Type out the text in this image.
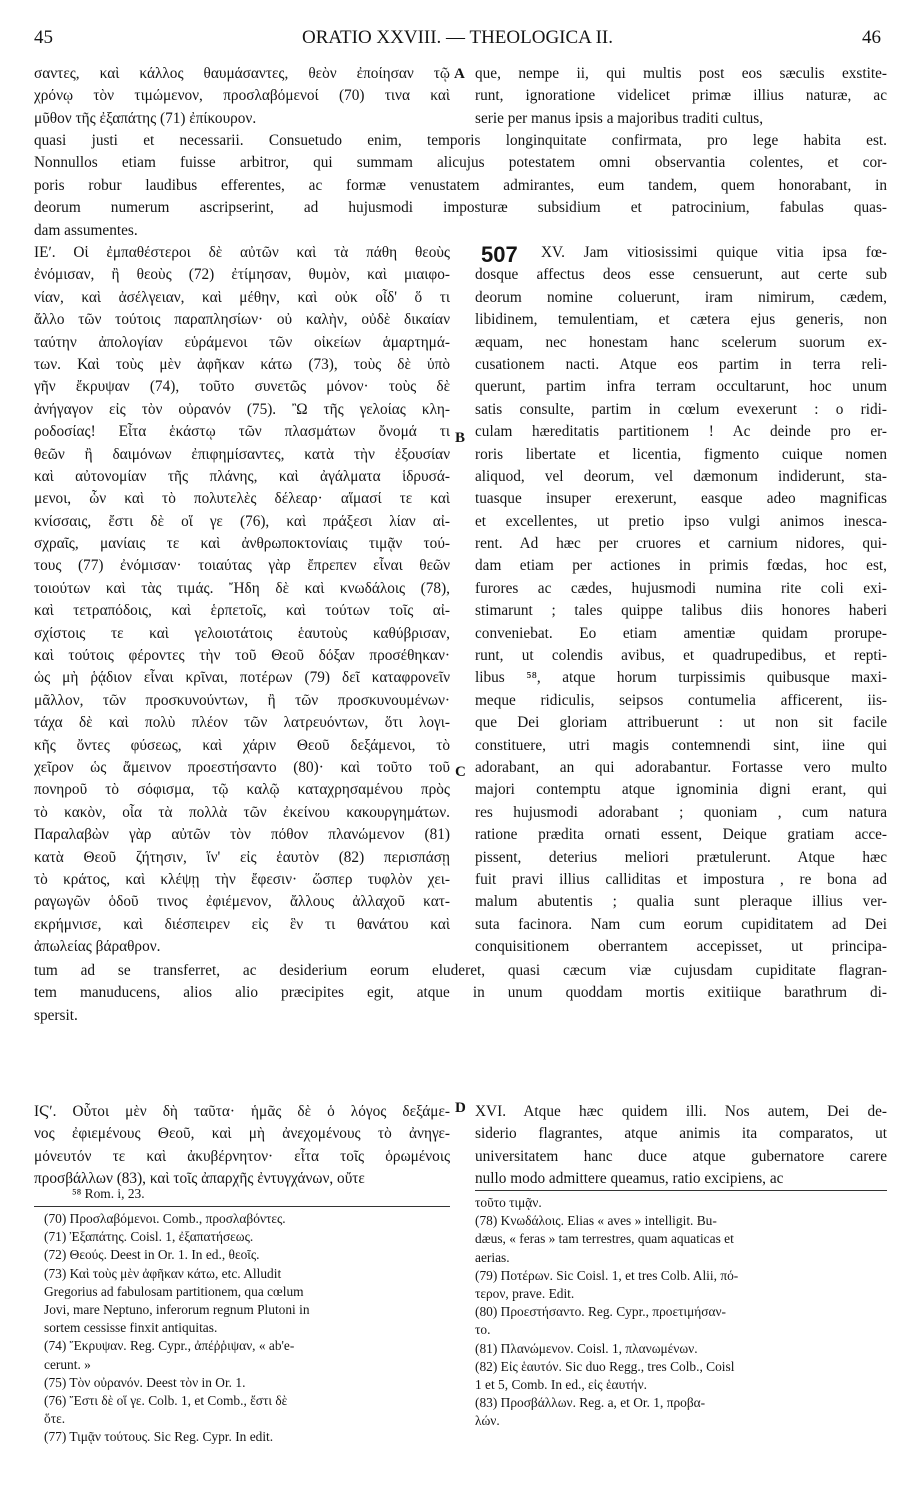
45	ORATIO XXVIII. — THEOLOGICA II.	46
A
B
C
D
σαντες, καὶ κάλλος θαυμάσαντες, θεὸν ἐποίησαν τῷ
χρόνῳ τὸν τιμώμενον, προσλαβόμενοί (70) τινα καὶ
μῦθον τῆς ἐξαπάτης (71) ἐπίκουρον.
que, nempe ii, qui multis post eos sæculis exstite-
runt, ignoratione videlicet primæ illius naturæ, ac
serie per manus ipsis a majoribus traditi cultus,
quasi justi et necessarii. Consuetudo enim, temporis longinquitate confirmata, pro lege habita est.
Nonnullos etiam fuisse arbitror, qui summam alicujus potestatem omni observantia colentes, et cor-
poris robur laudibus efferentes, ac formæ venustatem admirantes, eum tandem, quem honorabant, in
deorum numerum ascripserint, ad hujusmodi imposturæ subsidium et patrocinium, fabulas quas-
dam assumentes.
ΙΕʹ. Οἱ ἐμπαθέστεροι δὲ αὐτῶν καὶ τὰ πάθη θεοὺς
ἐνόμισαν, ἢ θεοὺς (72) ἐτίμησαν, θυμὸν, καὶ μιαιφο-
νίαν, καὶ ἀσέλγειαν, καὶ μέθην, καὶ οὐκ οἶδ' ὅ τι
ἄλλο τῶν τούτοις παραπλησίων· οὐ καλὴν, οὐδὲ δικαίαν
ταύτην ἀπολογίαν εὑράμενοι τῶν οἰκείων ἁμαρτημά-
των. Καὶ τοὺς μὲν ἀφῆκαν κάτω (73), τοὺς δὲ ὑπὸ
γῆν ἔκρυψαν (74), τοῦτο συνετῶς μόνον· τοὺς δὲ
ἀνήγαγον εἰς τὸν οὐρανόν (75). Ὢ τῆς γελοίας κλη-
ροδοσίας! Εἶτα ἑκάστῳ τῶν πλασμάτων ὄνομά τι
θεῶν ἢ δαιμόνων ἐπιφημίσαντες, κατὰ τὴν ἐξουσίαν
καὶ αὐτονομίαν τῆς πλάνης, καὶ ἀγάλματα ἱδρυσά-
μενοι, ὧν καὶ τὸ πολυτελὲς δέλεαρ· αἵμασί τε καὶ
κνίσσαις, ἔστι δὲ οἵ γε (76), καὶ πράξεσι λίαν αἰ-
σχραῖς, μανίαις τε καὶ ἀνθρωποκτονίαις τιμᾷν τού-
τους (77) ἐνόμισαν· τοιαύτας γὰρ ἔπρεπεν εἶναι θεῶν
τοιούτων καὶ τὰς τιμάς. Ἤδη δὲ καὶ κνωδάλοις (78),
καὶ τετραπόδοις, καὶ ἑρπετοῖς, καὶ τούτων τοῖς αἰ-
σχίστοις τε καὶ γελοιοτάτοις ἑαυτοὺς καθύβρισαν,
καὶ τούτοις φέροντες τὴν τοῦ Θεοῦ δόξαν προσέθηκαν·
ὡς μὴ ῥᾴδιον εἶναι κρῖναι, ποτέρων (79) δεῖ καταφρονεῖν
μᾶλλον, τῶν προσκυνούντων, ἢ τῶν προσκυνουμένων·
τάχα δὲ καὶ πολὺ πλέον τῶν λατρευόντων, ὅτι λογι-
κῆς ὄντες φύσεως, καὶ χάριν Θεοῦ δεξάμενοι, τὸ
χεῖρον ὡς ἄμεινον προεστήσαντο (80)· καὶ τοῦτο τοῦ
πονηροῦ τὸ σόφισμα, τῷ καλῷ καταχρησαμένου πρὸς
τὸ κακὸν, οἷα τὰ πολλὰ τῶν ἐκείνου κακουργημάτων.
Παραλαβὼν γὰρ αὐτῶν τὸν πόθον πλανώμενον (81)
κατὰ Θεοῦ ζήτησιν, ἵν' εἰς ἑαυτὸν (82) περισπάσῃ
τὸ κράτος, καὶ κλέψῃ τὴν ἔφεσιν· ὥσπερ τυφλὸν χει-
ραγωγῶν ὁδοῦ τινος ἐφιέμενον, ἄλλους ἀλλαχοῦ κατ-
εκρήμνισε, καὶ διέσπειρεν εἰς ἓν τι θανάτου καὶ
ἀπωλείας βάραθρον.
507 XV. Jam vitiosissimi quique vitia ipsa fœ-
dosque affectus deos esse censuerunt, aut certe sub
deorum nomine coluerunt, iram nimirum, cædem,
libidinem, temulentiam, et cætera ejus generis, non
æquam, nec honestam hanc scelerum suorum ex-
cusationem nacti. Atque eos partim in terra reli-
querunt, partim infra terram occultarunt, hoc unum
satis consulte, partim in cœlum evexerunt : o ridi-
culam hæreditatis partitionem ! Ac deinde pro er-
roris libertate et licentia, figmento cuique nomen
aliquod, vel deorum, vel dæmonum indiderunt, sta-
tuasque insuper erexerunt, easque adeo magnificas
et excellentes, ut pretio ipso vulgi animos inesca-
rent. Ad hæc per cruores et carnium nidores, qui-
dam etiam per actiones in primis fœdas, hoc est,
furores ac cædes, hujusmodi numina rite coli exi-
stimarunt ; tales quippe talibus diis honores haberi
conveniebat. Eo etiam amentiæ quidam prorupe-
runt, ut colendis avibus, et quadrupedibus, et repti-
libus ⁵⁸, atque horum turpissimis quibusque maxi-
meque ridiculis, seipsos contumelia afficerent, iis-
que Dei gloriam attribuerunt : ut non sit facile
constituere, utri magis contemnendi sint, iine qui
adorabant, an qui adorabantur. Fortasse vero multo
majori contemptu atque ignominia digni erant, qui
res hujusmodi adorabant ; quoniam , cum natura
ratione prædita ornati essent, Deique gratiam acce-
pissent, deterius meliori prætulerunt. Atque hæc
fuit pravi illius calliditas et impostura , re bona ad
malum abutentis ; qualia sunt pleraque illius ver-
suta facinora. Nam cum eorum cupiditatem ad Dei
conquisitionem oberrantem accepisset, ut principa-
tum ad se transferret, ac desiderium eorum eluderet, quasi cæcum viæ cujusdam cupiditate flagran-
tem manuducens, alios alio præcipites egit, atque in unum quoddam mortis exitiique barathrum di-
spersit.
ΙϚʹ. Οὗτοι μὲν δὴ ταῦτα· ἡμᾶς δὲ ὁ λόγος δεξάμε-
νος ἐφιεμένους Θεοῦ, καὶ μὴ ἀνεχομένους τὸ ἀνηγε-
μόνευτόν τε καὶ ἀκυβέρνητον· εἶτα τοῖς ὁρωμένοις
προσβάλλων (83), καὶ τοῖς ἀπαρχῆς ἐντυγχάνων, οὔτε
XVI. Atque hæc quidem illi. Nos autem, Dei de-
siderio flagrantes, atque animis ita comparatos, ut
universitatem hanc duce atque gubernatore carere
nullo modo admittere queamus, ratio excipiens, ac
⁵⁸ Rom. i, 23.
(70) Προσλαβόμενοι. Comb., προσλαβόντες.
(71) Ἐξαπάτης. Coisl. 1, ἐξαπατήσεως.
(72) Θεούς. Deest in Or. 1. In ed., θεοῖς.
(73) Καὶ τοὺς μὲν ἀφῆκαν κάτω, etc. Alludit
Gregorius ad fabulosam partitionem, qua cœlum
Jovi, mare Neptuno, inferorum regnum Plutoni in
sortem cessisse finxit antiquitas.
(74) Ἔκρυψαν. Reg. Cypr., ἀπέῤῥιψαν, « ab'e-
cerunt. »
(75) Τὸν οὐρανόν. Deest τὸν in Or. 1.
(76) Ἔστι δὲ οἵ γε. Colb. 1, et Comb., ἔστι δὲ
ὅτε.
(77) Τιμᾷν τούτους. Sic Reg. Cypr. In edit.
τοῦτο τιμᾷν.
(78) Κνωδάλοις. Elias « aves » intelligit. Bu-
dæus, « feras » tam terrestres, quam aquaticas et
aerias.
(79) Ποτέρων. Sic Coisl. 1, et tres Colb. Alii, πό-
τερον, prave. Edit.
(80) Προεστήσαντο. Reg. Cypr., προετιμήσαν-
το.
(81) Πλανώμενον. Coisl. 1, πλανωμένων.
(82) Εἰς ἑαυτόν. Sic duo Regg., tres Colb., Coisl
1 et 5, Comb. In ed., εἰς ἑαυτήν.
(83) Προσβάλλων. Reg. a, et Or. 1, προβα-
λών.
